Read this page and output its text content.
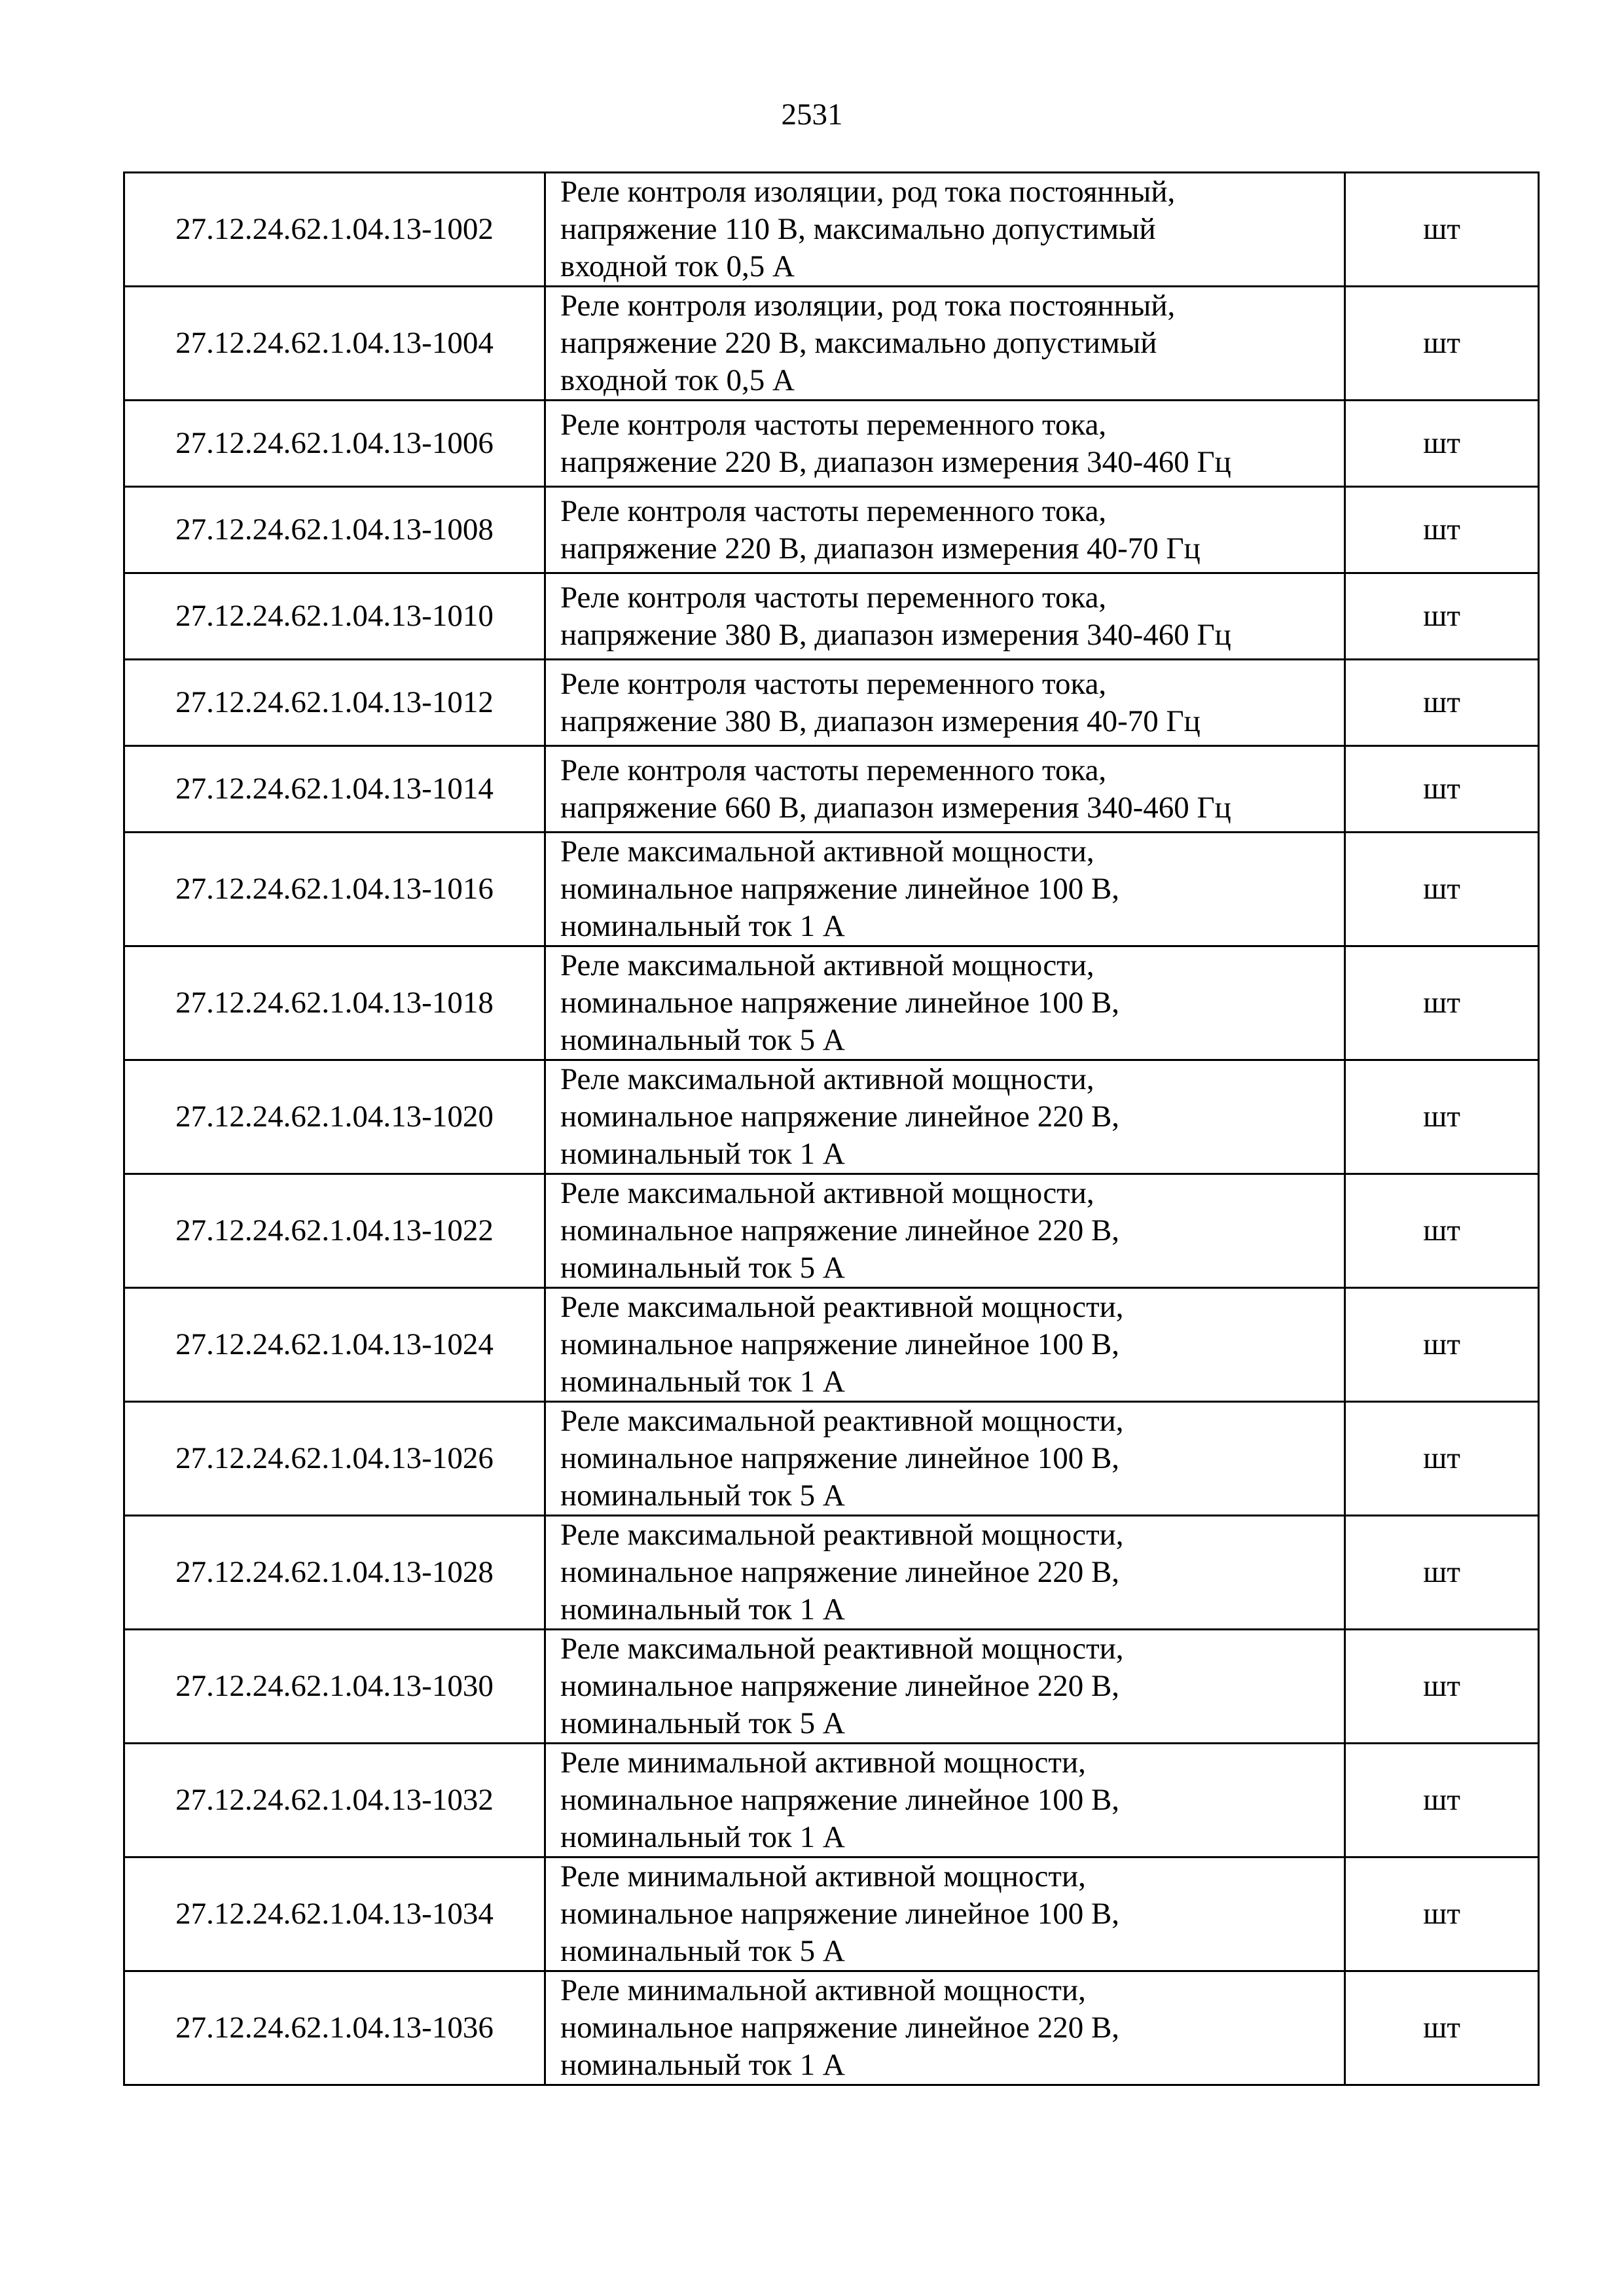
2531
27.12.24.62.1.04.13-1002	Реле контроля изоляции, род тока постоянный,
напряжение 110 В, максимально допустимый
входной ток 0,5 А	шт
27.12.24.62.1.04.13-1004	Реле контроля изоляции, род тока постоянный,
напряжение 220 В, максимально допустимый
входной ток 0,5 А	шт
27.12.24.62.1.04.13-1006	Реле контроля частоты переменного тока,
напряжение 220 В, диапазон измерения 340-460 Гц	шт
27.12.24.62.1.04.13-1008	Реле контроля частоты переменного тока,
напряжение 220 В, диапазон измерения 40-70 Гц	шт
27.12.24.62.1.04.13-1010	Реле контроля частоты переменного тока,
напряжение 380 В, диапазон измерения 340-460 Гц	шт
27.12.24.62.1.04.13-1012	Реле контроля частоты переменного тока,
напряжение 380 В, диапазон измерения 40-70 Гц	шт
27.12.24.62.1.04.13-1014	Реле контроля частоты переменного тока,
напряжение 660 В, диапазон измерения 340-460 Гц	шт
27.12.24.62.1.04.13-1016	Реле максимальной активной мощности,
номинальное напряжение линейное 100 В,
номинальный ток 1 А	шт
27.12.24.62.1.04.13-1018	Реле максимальной активной мощности,
номинальное напряжение линейное 100 В,
номинальный ток 5 А	шт
27.12.24.62.1.04.13-1020	Реле максимальной активной мощности,
номинальное напряжение линейное 220 В,
номинальный ток 1 А	шт
27.12.24.62.1.04.13-1022	Реле максимальной активной мощности,
номинальное напряжение линейное 220 В,
номинальный ток 5 А	шт
27.12.24.62.1.04.13-1024	Реле максимальной реактивной мощности,
номинальное напряжение линейное 100 В,
номинальный ток 1 А	шт
27.12.24.62.1.04.13-1026	Реле максимальной реактивной мощности,
номинальное напряжение линейное 100 В,
номинальный ток 5 А	шт
27.12.24.62.1.04.13-1028	Реле максимальной реактивной мощности,
номинальное напряжение линейное 220 В,
номинальный ток 1 А	шт
27.12.24.62.1.04.13-1030	Реле максимальной реактивной мощности,
номинальное напряжение линейное 220 В,
номинальный ток 5 А	шт
27.12.24.62.1.04.13-1032	Реле минимальной активной мощности,
номинальное напряжение линейное 100 В,
номинальный ток 1 А	шт
27.12.24.62.1.04.13-1034	Реле минимальной активной мощности,
номинальное напряжение линейное 100 В,
номинальный ток 5 А	шт
27.12.24.62.1.04.13-1036	Реле минимальной активной мощности,
номинальное напряжение линейное 220 В,
номинальный ток 1 А	шт
